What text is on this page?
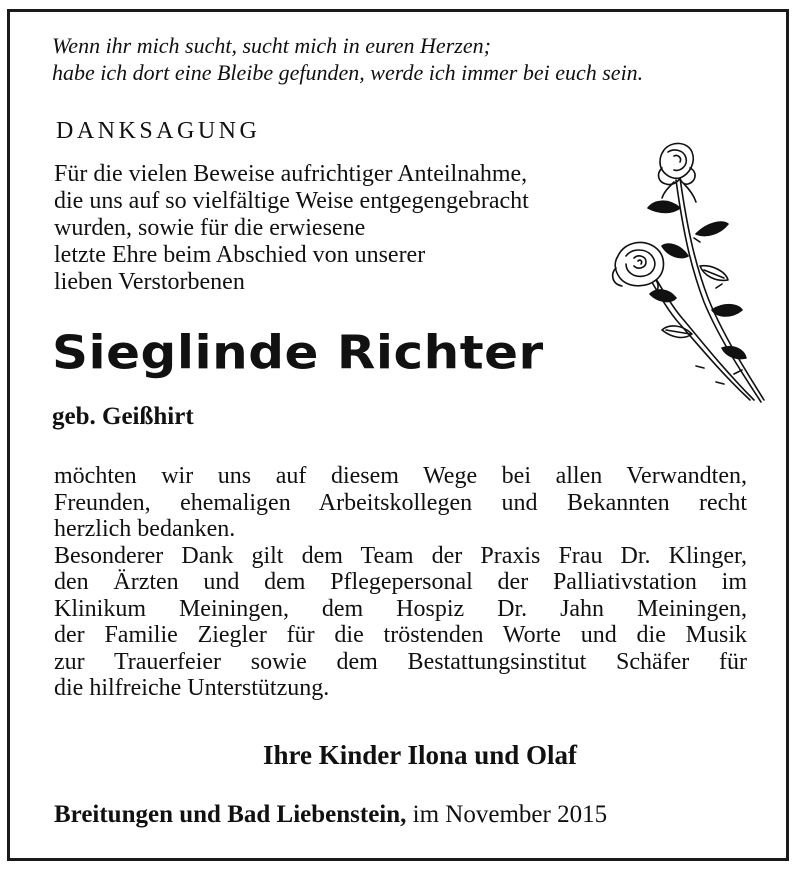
Wenn ihr mich sucht, sucht mich in euren Herzen;
habe ich dort eine Bleibe gefunden, werde ich immer bei euch sein.

DANKSAGUNG

Für die vielen Beweise aufrichtiger Anteilnahme,
die uns auf so vielfältige Weise entgegengebracht
wurden, sowie für die erwiesene
letzte Ehre beim Abschied von unserer
lieben Verstorbenen

Sieglinde Richter

geb. Geißhirt

möchten wir uns auf diesem Wege bei allen Verwandten,
Freunden, ehemaligen Arbeitskollegen und Bekannten recht
herzlich bedanken.
Besonderer Dank gilt dem Team der Praxis Frau Dr. Klinger,
den Ärzten und dem Pflegepersonal der Palliativstation im
Klinikum Meiningen, dem Hospiz Dr. Jahn Meiningen,
der Familie Ziegler für die tröstenden Worte und die Musik
zur Trauerfeier sowie dem Bestattungsinstitut Schäfer für
die hilfreiche Unterstützung.

Ihre Kinder Ilona und Olaf

Breitungen und Bad Liebenstein, im November 2015
